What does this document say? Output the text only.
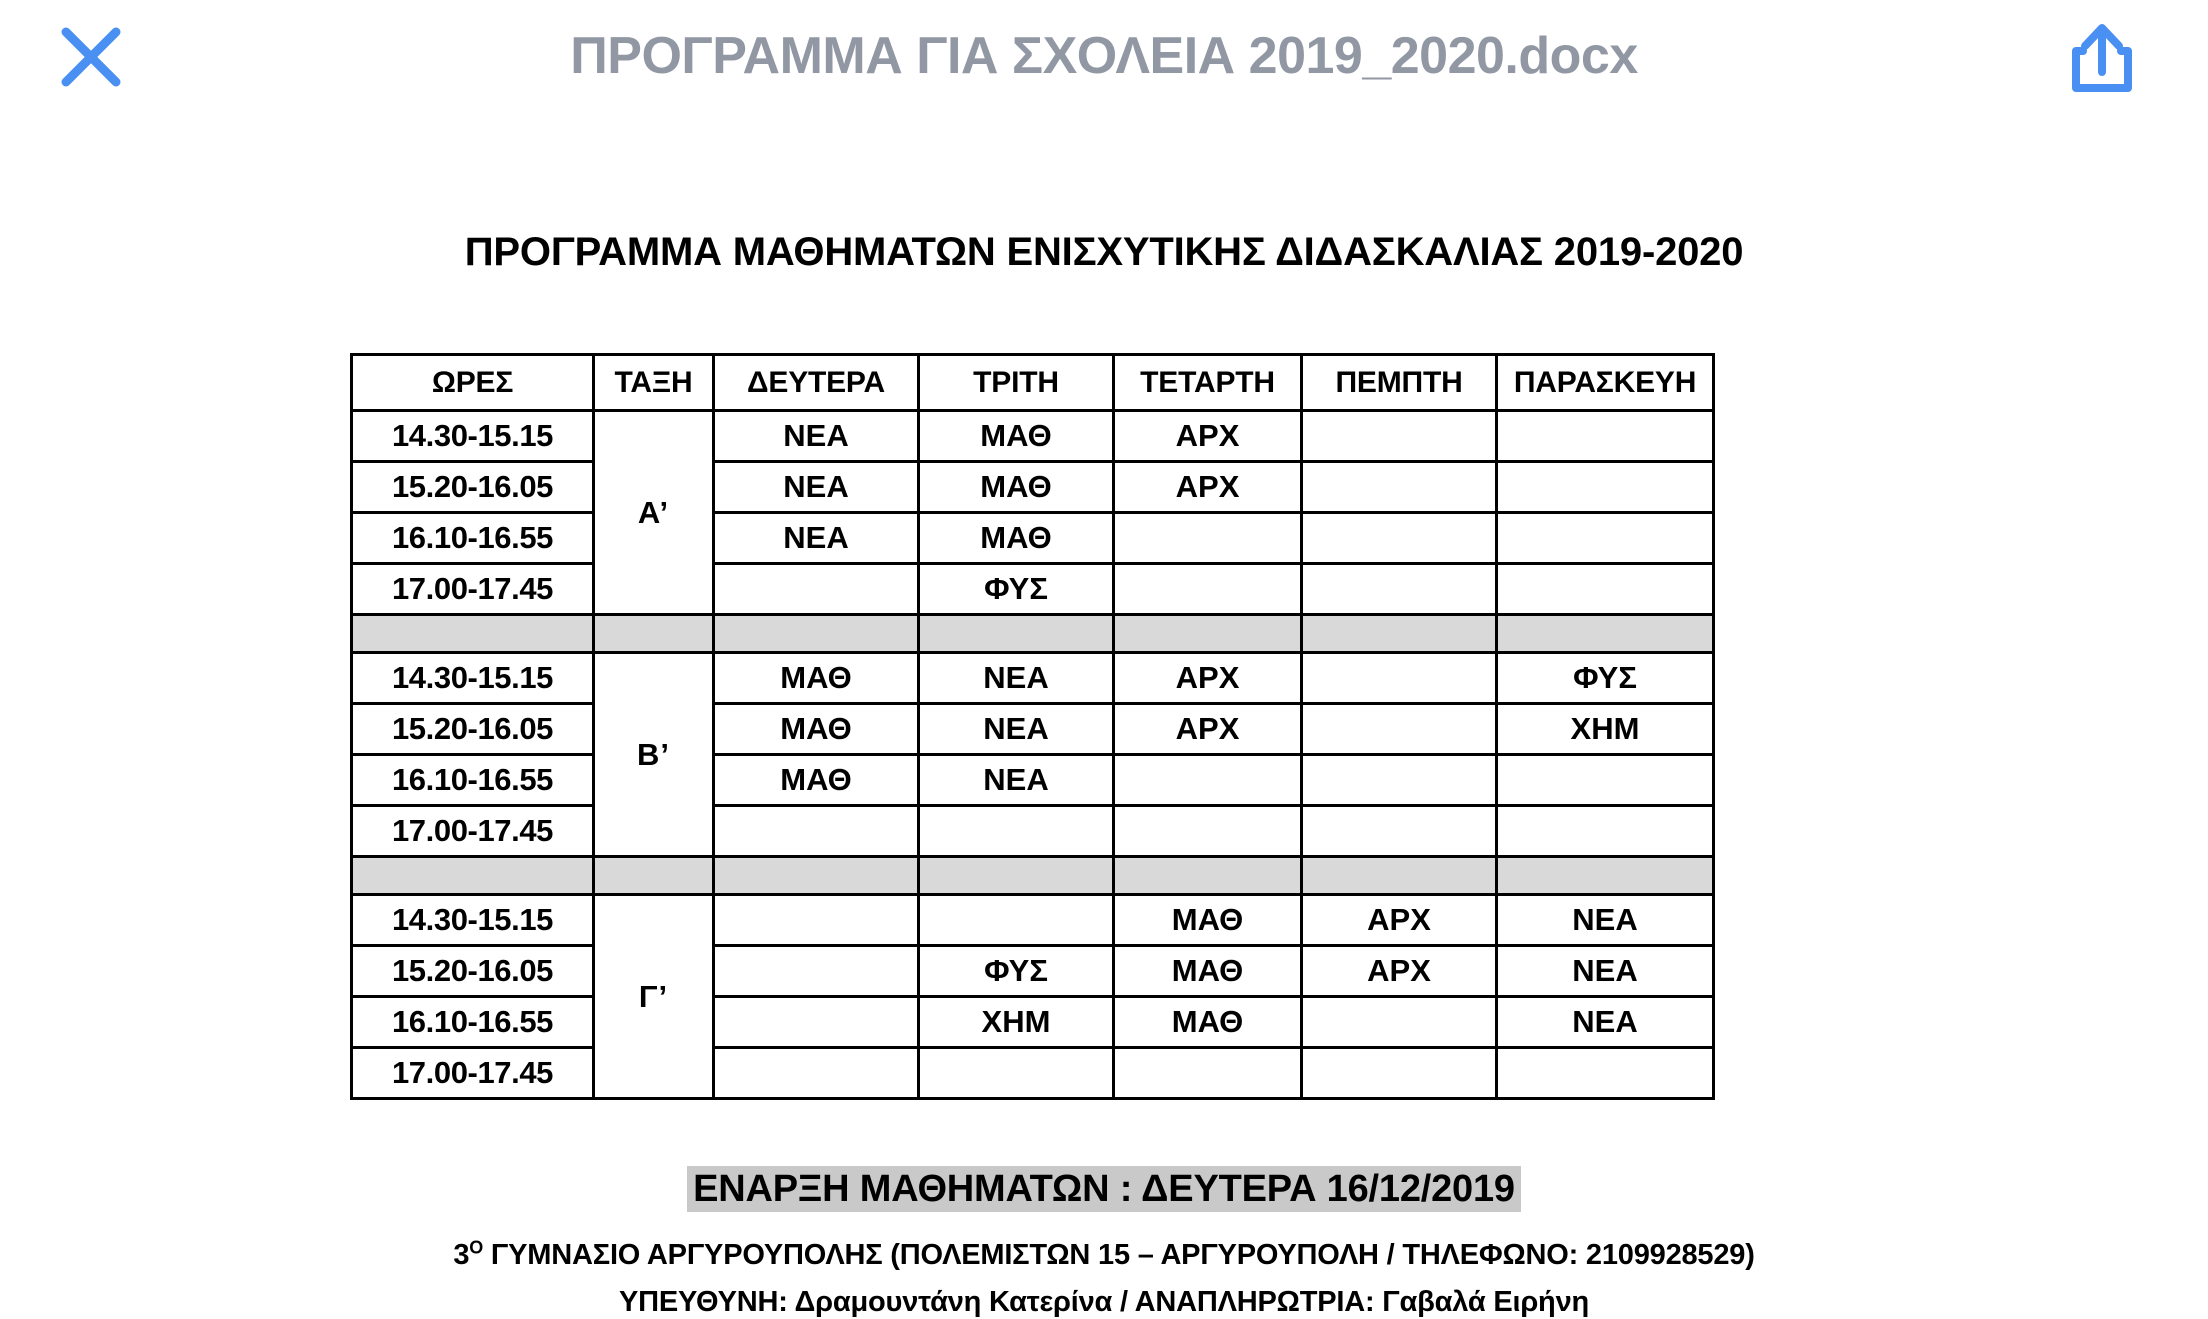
ΠΡΟΓΡΑΜΜΑ ΓΙΑ ΣΧΟΛΕΙΑ 2019_2020.docx
ΠΡΟΓΡΑΜΜΑ ΜΑΘΗΜΑΤΩΝ ΕΝΙΣΧΥΤΙΚΗΣ ΔΙΔΑΣΚΑΛΙΑΣ 2019-2020
ΩΡΕΣ	ΤΑΞΗ	ΔΕΥΤΕΡΑ	ΤΡΙΤΗ	ΤΕΤΑΡΤΗ	ΠΕΜΠΤΗ	ΠΑΡΑΣΚΕΥΗ
14.30-15.15	Α’	ΝΕΑ	ΜΑΘ	ΑΡΧ		
15.20-16.05		ΝΕΑ	ΜΑΘ	ΑΡΧ		
16.10-16.55		ΝΕΑ	ΜΑΘ			
17.00-17.45			ΦΥΣ			

14.30-15.15	Β’	ΜΑΘ	ΝΕΑ	ΑΡΧ		ΦΥΣ
15.20-16.05		ΜΑΘ	ΝΕΑ	ΑΡΧ		ΧΗΜ
16.10-16.55		ΜΑΘ	ΝΕΑ			
17.00-17.45						

14.30-15.15	Γ’			ΜΑΘ	ΑΡΧ	ΝΕΑ
15.20-16.05			ΦΥΣ	ΜΑΘ	ΑΡΧ	ΝΕΑ
16.10-16.55			ΧΗΜ	ΜΑΘ		ΝΕΑ
17.00-17.45						
ΕΝΑΡΞΗ ΜΑΘΗΜΑΤΩΝ : ΔΕΥΤΕΡΑ 16/12/2019
$3^O$ ΓΥΜΝΑΣΙΟ ΑΡΓΥΡΟΥΠΟΛΗΣ (ΠΟΛΕΜΙΣΤΩΝ 15 – ΑΡΓΥΡΟΥΠΟΛΗ / ΤΗΛΕΦΩΝΟ: 2109928529)
ΥΠΕΥΘΥΝΗ: Δραμουντάνη Κατερίνα / ΑΝΑΠΛΗΡΩΤΡΙΑ: Γαβαλά Ειρήνη
